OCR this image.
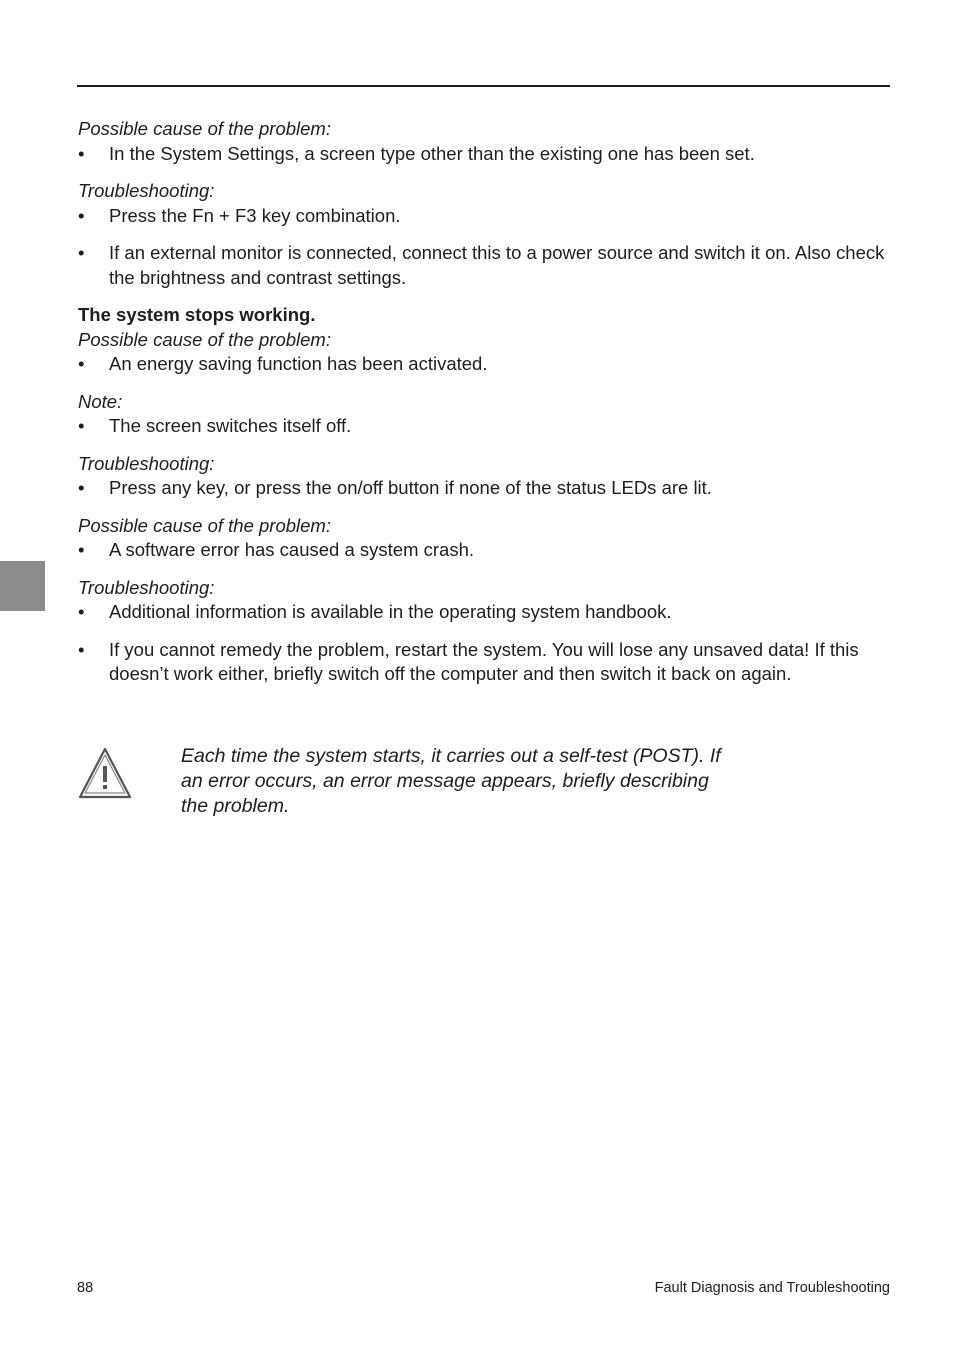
Possible cause of the problem:

• In the System Settings, a screen type other than the existing one has been set.

Troubleshooting:

• Press the Fn + F3 key combination.
• If an external monitor is connected, connect this to a power source and switch it on. Also check the brightness and contrast settings.

The system stops working.

Possible cause of the problem:

• An energy saving function has been activated.

Note:

• The screen switches itself off.

Troubleshooting:

• Press any key, or press the on/off button if none of the status LEDs are lit.

Possible cause of the problem:

• A software error has caused a system crash.

Troubleshooting:

• Additional information is available in the operating system handbook.
• If you cannot remedy the problem, restart the system. You will lose any unsaved data! If this doesn’t work either, briefly switch off the computer and then switch it back on again.
Each time the system starts, it carries out a self-test (POST). If an error occurs, an error message appears, briefly describing the problem.
88	Fault Diagnosis and Troubleshooting
